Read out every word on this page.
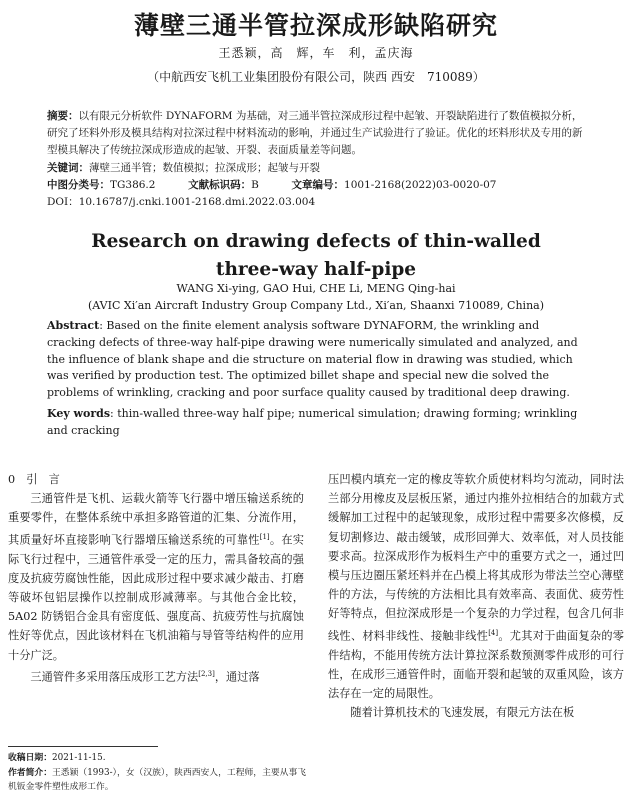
薄壁三通半管拉深成形缺陷研究
王悉颖，高　辉，车　利，孟庆海
（中航西安飞机工业集团股份有限公司，陕西 西安　710089）
摘要：以有限元分析软件 DYNAFORM 为基础，对三通半管拉深成形过程中起皱、开裂缺陷进行了数值模拟分析，研究了坯料外形及模具结构对拉深过程中材料流动的影响，并通过生产试验进行了验证。优化的坯料形状及专用的新型模具解决了传统拉深成形造成的起皱、开裂、表面质量差等问题。
关键词：薄壁三通半管；数值模拟；拉深成形；起皱与开裂
中图分类号：TG386.2	文献标识码：B	文章编号：1001-2168(2022)03-0020-07
DOI：10.16787/j.cnki.1001-2168.dmi.2022.03.004
Research on drawing defects of thin-walled
three-way half-pipe
WANG Xi-ying, GAO Hui, CHE Li, MENG Qing-hai
(AVIC Xi′an Aircraft Industry Group Company Ltd., Xi′an, Shaanxi 710089, China)
Abstract: Based on the finite element analysis software DYNAFORM, the wrinkling and cracking defects of three-way half-pipe drawing were numerically simulated and analyzed, and the influence of blank shape and die structure on material flow in drawing was studied, which was verified by production test. The optimized billet shape and special new die solved the problems of wrinkling, cracking and poor surface quality caused by traditional deep drawing.
Key words: thin-walled three-way half pipe; numerical simulation; drawing forming; wrinkling and cracking

0　引　言

三通管件是飞机、运载火箭等飞行器中增压输送系统的重要零件，在整体系统中承担多路管道的汇集、分流作用，其质量好坏直接影响飞行器增压输送系统的可靠性[1]。在实际飞行过程中，三通管件承受一定的压力，需具备较高的强度及抗疲劳腐蚀性能，因此成形过程中要求减少敲击、打磨等破坏包铝层操作以控制成形减薄率。与其他合金比较，5A02 防锈铝合金具有密度低、强度高、抗疲劳性与抗腐蚀性好等优点，因此该材料在飞机油箱与导管等结构件的应用十分广泛。

三通管件多采用落压成形工艺方法[2,3]，通过落

压凹模内填充一定的橡皮等软介质使材料均匀流动，同时法兰部分用橡皮及层板压紧，通过内推外拉相结合的加载方式缓解加工过程中的起皱现象，成形过程中需要多次修模，反复切割修边、敲击缓皱，成形回弹大、效率低，对人员技能要求高。拉深成形作为板料生产中的重要方式之一，通过凹模与压边圈压紧坯料并在凸模上将其成形为带法兰空心薄壁件的方法，与传统的方法相比具有效率高、表面优、疲劳性好等特点，但拉深成形是一个复杂的力学过程，包含几何非线性、材料非线性、接触非线性[4]。尤其对于曲面复杂的零件结构，不能用传统方法计算拉深系数预测零件成形的可行性，在成形三通管件时，面临开裂和起皱的双重风险，该方法存在一定的局限性。

随着计算机技术的飞速发展，有限元方法在板

收稿日期：2021-11-15.
作者简介：王悉颖（1993-），女（汉族），陕西西安人，工程师，主要从事飞机钣金零件塑性成形工作。
